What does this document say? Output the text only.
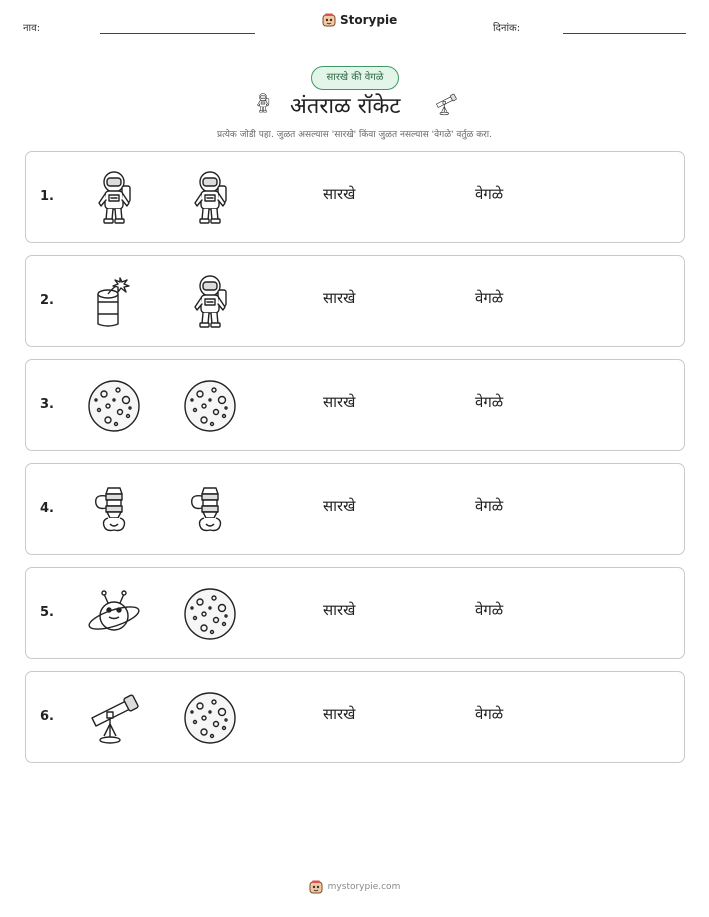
नाव:
Storypie
दिनांक:
सारखे की वेगळे
अंतराळ रॉकेट
प्रत्येक जोडी पहा. जुळत असल्यास 'सारखे' किंवा जुळत नसल्यास 'वेगळे' वर्तुळ करा.
1.	सारखे	वेगळे
2.	सारखे	वेगळे
3.	सारखे	वेगळे
4.	सारखे	वेगळे
5.	सारखे	वेगळे
6.	सारखे	वेगळे
mystorypie.com
